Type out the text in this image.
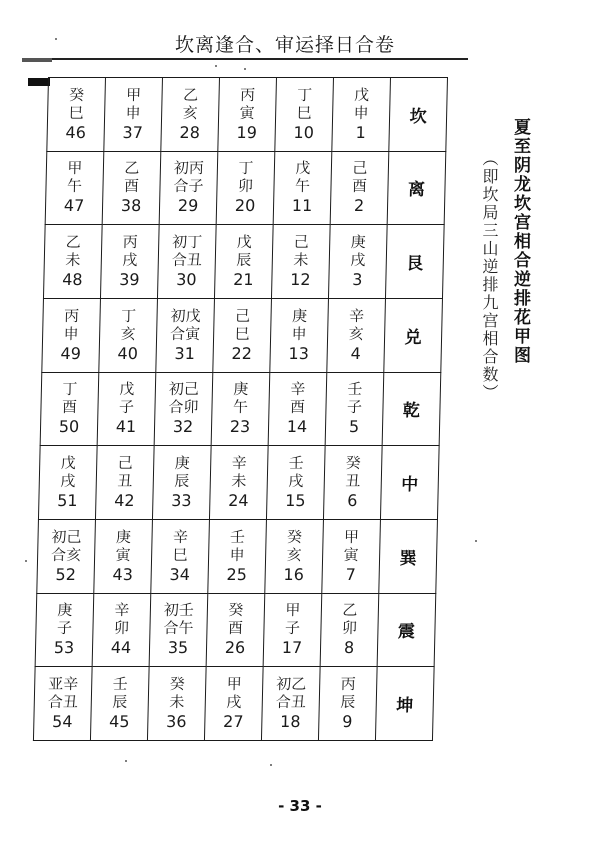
坎离逢合、审运择日合卷
癸
巳
46	甲
申
37	乙
亥
28	丙
寅
19	丁
巳
10	戊
申
1	坎

甲
午
47	乙
酉
38	初丙
合子
29	丁
卯
20	戊
午
11	己
酉
2	离

乙
未
48	丙
戌
39	初丁
合丑
30	戊
辰
21	己
未
12	庚
戌
3	艮

丙
申
49	丁
亥
40	初戊
合寅
31	己
巳
22	庚
申
13	辛
亥
4	兑

丁
酉
50	戊
子
41	初己
合卯
32	庚
午
23	辛
酉
14	壬
子
5	乾

戊
戌
51	己
丑
42	庚
辰
33	辛
未
24	壬
戌
15	癸
丑
6	中

初己
合亥
52	庚
寅
43	辛
巳
34	壬
申
25	癸
亥
16	甲
寅
7	巽

庚
子
53	辛
卯
44	初壬
合午
35	癸
酉
26	甲
子
17	乙
卯
8	震

亚辛
合丑
54	壬
辰
45	癸
未
36	甲
戌
27	初乙
合丑
18	丙
辰
9	坤
夏至阴龙坎宫相合逆排花甲图
（即坎局三山逆排九宫相合数）
- 33 -
